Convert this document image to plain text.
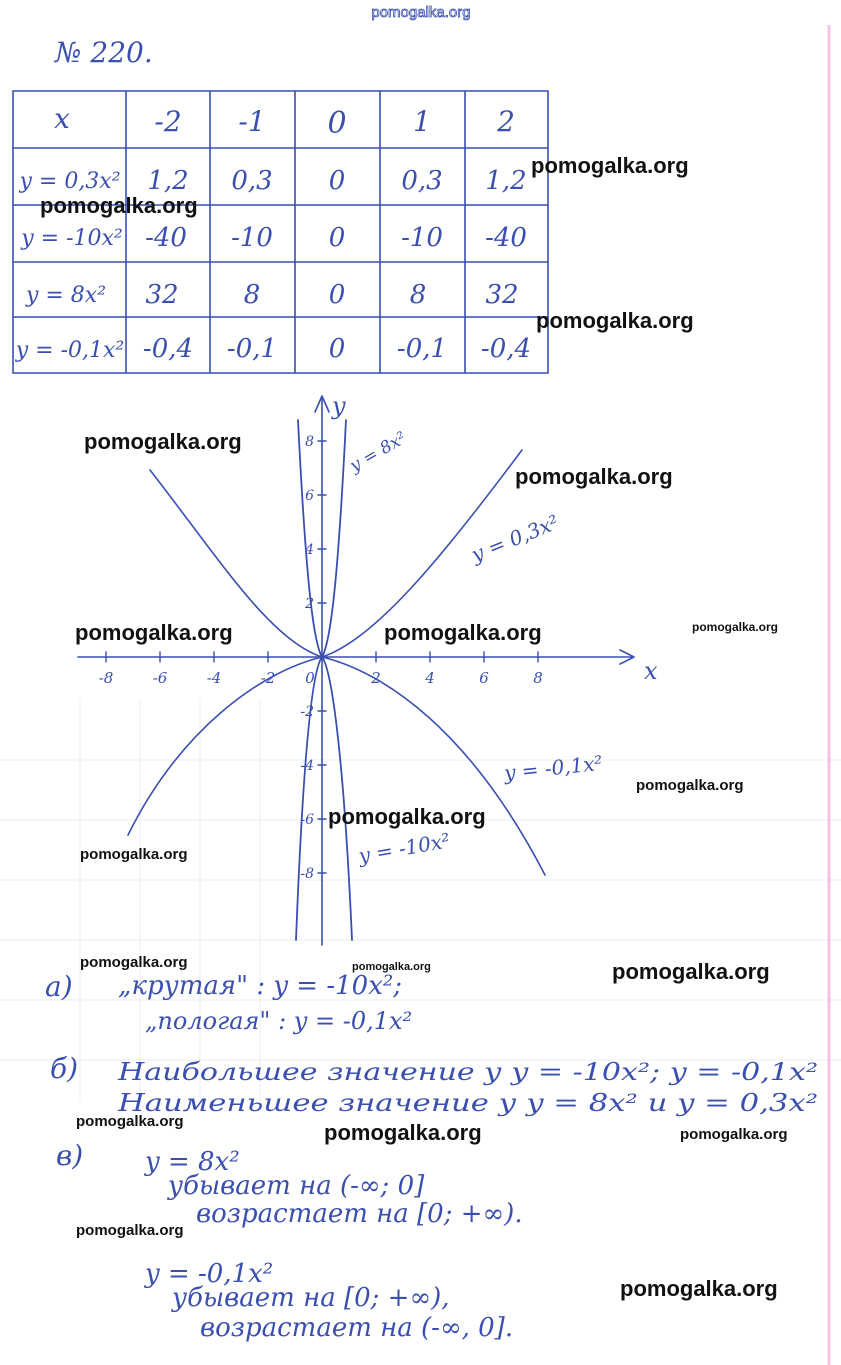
pomogalka.org
№ 220.
x	-2 -1 0 1 2
y = 0,3x² 1,2 0,3 0 0,3 1,2
y = -10x² -40 -10 0 -10 -40
y = 8x² 32	8	0 8 32
y = -0,1x² -0,4 -0,1 0 -0,1 -0,4
x
y
-8	-6	-4	-2 0	2	4	6	8
8
6
4
2
-2
-4
-6
-8
y = 8x²
y = 0,3x²
y = -0,1x²
y = -10x²
а) „крутая" : y = -10x²;
„пологая" : y = -0,1x²
б) Наибольшее значение у y = -10x²; y = -0,1x²
Наименьшее значение у y = 8x² и y = 0,3x²
в) y = 8x²
убывает на (-∞; 0]
возрастает на [0; +∞).
y = -0,1x²
убывает на [0; +∞),
возрастает на (-∞, 0].
pomogalka.org
pomogalka.org
pomogalka.org
pomogalka.org
pomogalka.org
pomogalka.org	pomogalka.org	pomogalka.org
pomogalka.org
pomogalka.org
pomogalka.org
pomogalka.org	pomogalka.org	pomogalka.org
pomogalka.org	pomogalka.org	pomogalka.org
pomogalka.org
pomogalka.org
